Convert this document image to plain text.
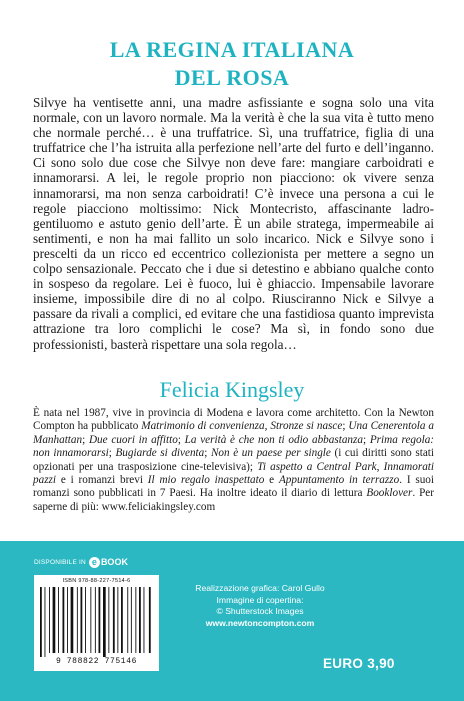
LA REGINA ITALIANA
DEL ROSA
Silvye ha ventisette anni, una madre asfissiante e sogna solo una vita normale, con un lavoro normale. Ma la verità è che la sua vita è tutto meno che normale perché… è una truffatrice. Sì, una truffatrice, figlia di una truffatrice che l’ha istruita alla perfezione nell’arte del furto e dell’inganno. Ci sono solo due cose che Silvye non deve fare: mangiare carboidrati e innamorarsi. A lei, le regole proprio non piacciono: ok vivere senza innamorarsi, ma non senza carboidrati! C’è invece una persona a cui le regole piacciono moltissimo: Nick Montecristo, affascinante ladro-gentiluomo e astuto genio dell’arte. È un abile stratega, impermeabile ai sentimenti, e non ha mai fallito un solo incarico. Nick e Silvye sono i prescelti da un ricco ed eccentrico collezionista per mettere a segno un colpo sensazionale. Peccato che i due si detestino e abbiano qualche conto in sospeso da regolare. Lei è fuoco, lui è ghiaccio. Impensabile lavorare insieme, impossibile dire di no al colpo. Riusciranno Nick e Silvye a passare da rivali a complici, ed evitare che una fastidiosa quanto imprevista attrazione tra loro complichi le cose? Ma sì, in fondo sono due professionisti, basterà rispettare una sola regola…
Felicia Kingsley
È nata nel 1987, vive in provincia di Modena e lavora come architetto. Con la Newton Compton ha pubblicato Matrimonio di convenienza, Stronze si nasce; Una Cenerentola a Manhattan; Due cuori in affitto; La verità è che non ti odio abbastanza; Prima regola: non innamorarsi; Bugiarde si diventa; Non è un paese per single (i cui diritti sono stati opzionati per una trasposizione cine-televisiva); Ti aspetto a Central Park, Innamorati pazzi e i romanzi brevi Il mio regalo inaspettato e Appuntamento in terrazzo. I suoi romanzi sono pubblicati in 7 Paesi. Ha inoltre ideato il diario di lettura Booklover. Per saperne di più: www.feliciakingsley.com
DISPONIBILE IN e BOOK
ISBN 978-88-227-7514-6
9 788822 775146
Realizzazione grafica: Carol Gullo
Immagine di copertina:
© Shutterstock Images
www.newtoncompton.com
EURO 3,90
